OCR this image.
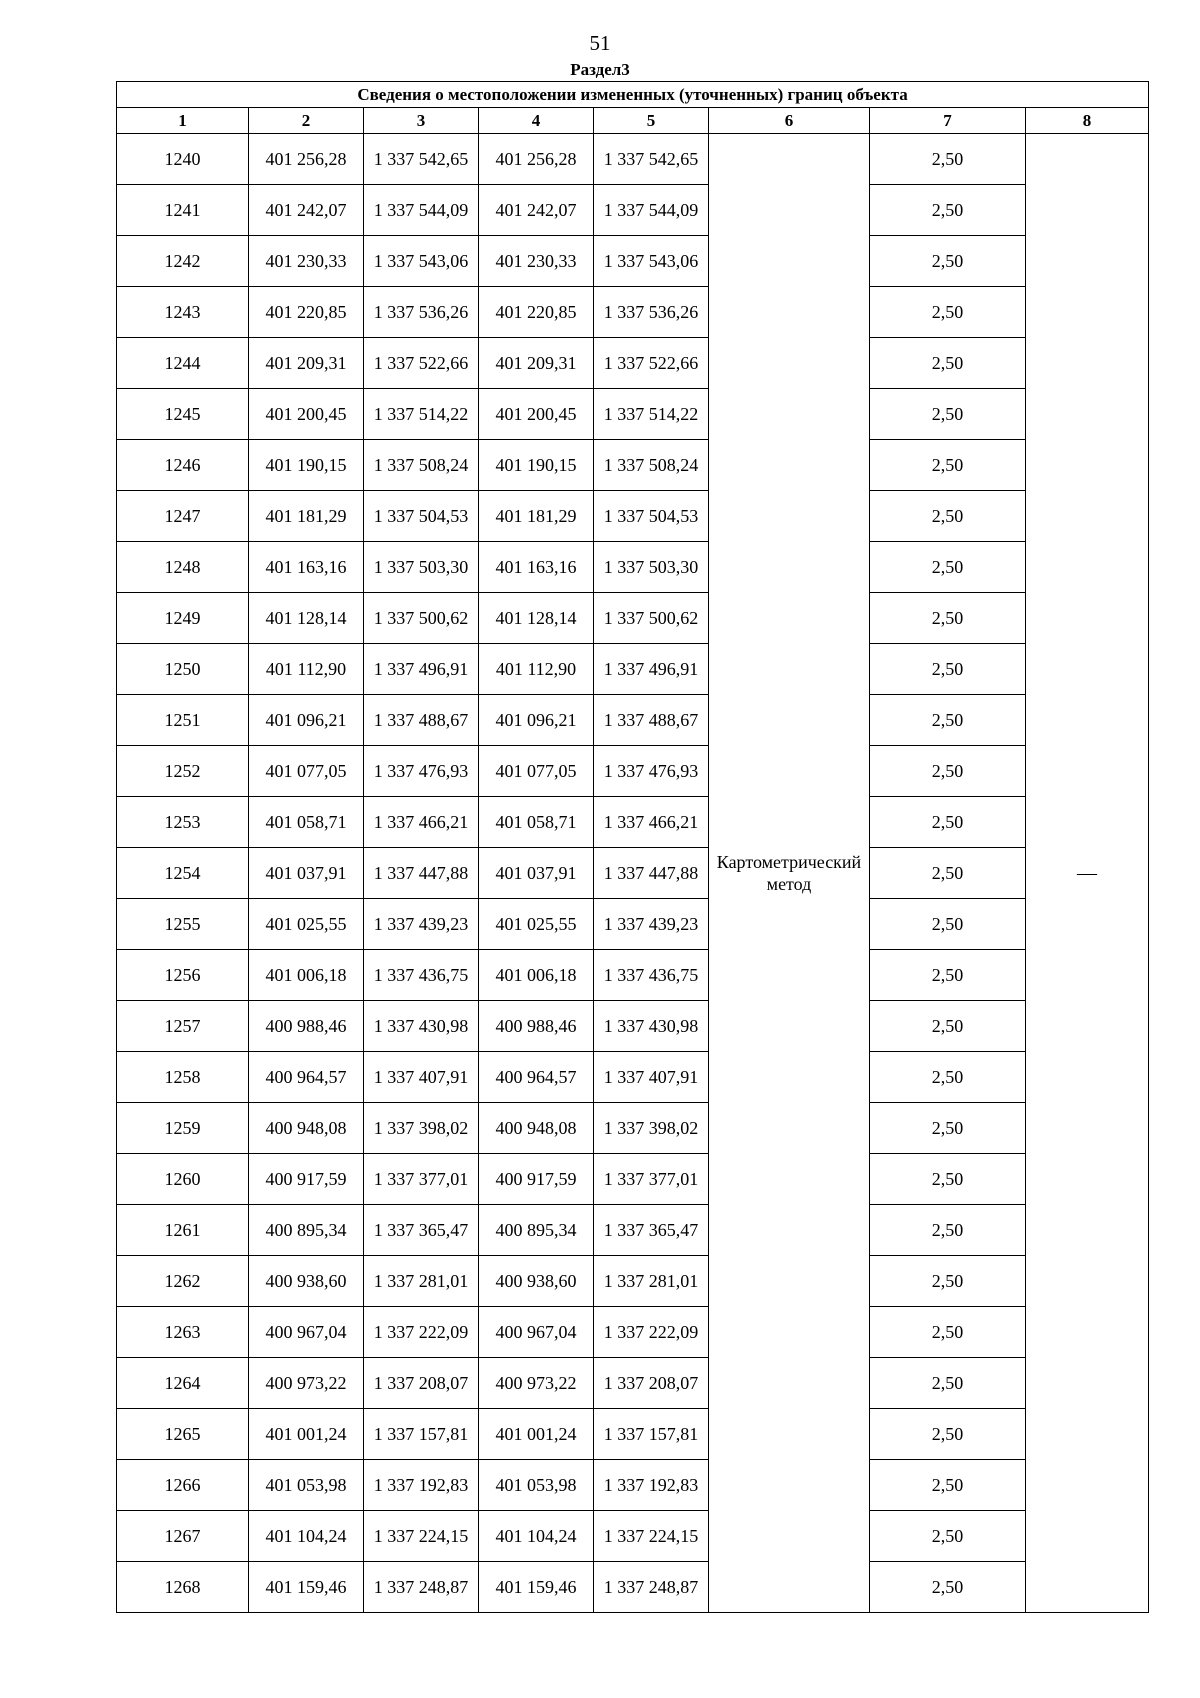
51
Раздел3
Сведения о местоположении измененных (уточненных) границ объекта							
1	2	3	4	5	6	7	8
1240	401 256,28	1 337 542,65	401 256,28	1 337 542,65	Картометрический метод	2,50	—
1241	401 242,07	1 337 544,09	401 242,07	1 337 544,09		2,50	
1242	401 230,33	1 337 543,06	401 230,33	1 337 543,06		2,50	
1243	401 220,85	1 337 536,26	401 220,85	1 337 536,26		2,50	
1244	401 209,31	1 337 522,66	401 209,31	1 337 522,66		2,50	
1245	401 200,45	1 337 514,22	401 200,45	1 337 514,22		2,50	
1246	401 190,15	1 337 508,24	401 190,15	1 337 508,24		2,50	
1247	401 181,29	1 337 504,53	401 181,29	1 337 504,53		2,50	
1248	401 163,16	1 337 503,30	401 163,16	1 337 503,30		2,50	
1249	401 128,14	1 337 500,62	401 128,14	1 337 500,62		2,50	
1250	401 112,90	1 337 496,91	401 112,90	1 337 496,91		2,50	
1251	401 096,21	1 337 488,67	401 096,21	1 337 488,67		2,50	
1252	401 077,05	1 337 476,93	401 077,05	1 337 476,93		2,50	
1253	401 058,71	1 337 466,21	401 058,71	1 337 466,21		2,50	
1254	401 037,91	1 337 447,88	401 037,91	1 337 447,88		2,50	
1255	401 025,55	1 337 439,23	401 025,55	1 337 439,23		2,50	
1256	401 006,18	1 337 436,75	401 006,18	1 337 436,75		2,50	
1257	400 988,46	1 337 430,98	400 988,46	1 337 430,98		2,50	
1258	400 964,57	1 337 407,91	400 964,57	1 337 407,91		2,50	
1259	400 948,08	1 337 398,02	400 948,08	1 337 398,02		2,50	
1260	400 917,59	1 337 377,01	400 917,59	1 337 377,01		2,50	
1261	400 895,34	1 337 365,47	400 895,34	1 337 365,47		2,50	
1262	400 938,60	1 337 281,01	400 938,60	1 337 281,01		2,50	
1263	400 967,04	1 337 222,09	400 967,04	1 337 222,09		2,50	
1264	400 973,22	1 337 208,07	400 973,22	1 337 208,07		2,50	
1265	401 001,24	1 337 157,81	401 001,24	1 337 157,81		2,50	
1266	401 053,98	1 337 192,83	401 053,98	1 337 192,83		2,50	
1267	401 104,24	1 337 224,15	401 104,24	1 337 224,15		2,50	
1268	401 159,46	1 337 248,87	401 159,46	1 337 248,87		2,50	
